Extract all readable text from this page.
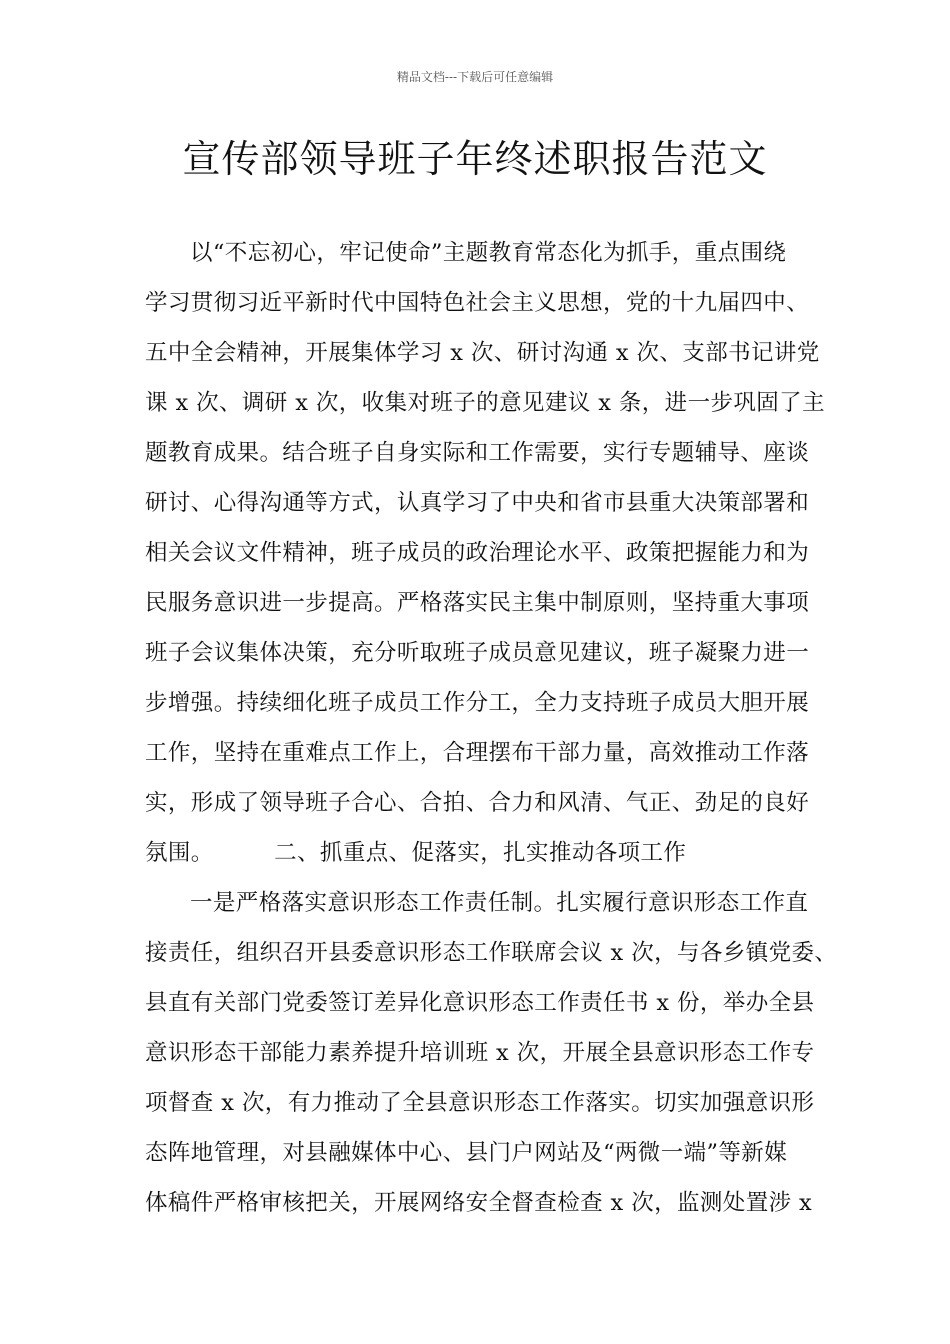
精品文档---下载后可任意编辑
宣传部领导班子年终述职报告范文
以“不忘初心，牢记使命”主题教育常态化为抓手，重点围绕
学习贯彻习近平新时代中国特色社会主义思想，党的十九届四中、
五中全会精神，开展集体学习 x 次、研讨沟通 x 次、支部书记讲党
课 x 次、调研 x 次，收集对班子的意见建议 x 条，进一步巩固了主
题教育成果。结合班子自身实际和工作需要，实行专题辅导、座谈
研讨、心得沟通等方式，认真学习了中央和省市县重大决策部署和
相关会议文件精神，班子成员的政治理论水平、政策把握能力和为
民服务意识进一步提高。严格落实民主集中制原则，坚持重大事项
班子会议集体决策，充分听取班子成员意见建议，班子凝聚力进一
步增强。持续细化班子成员工作分工，全力支持班子成员大胆开展
工作，坚持在重难点工作上，合理摆布干部力量，高效推动工作落
实，形成了领导班子合心、合拍、合力和风清、气正、劲足的良好
氛围。        二、抓重点、促落实，扎实推动各项工作
一是严格落实意识形态工作责任制。扎实履行意识形态工作直
接责任，组织召开县委意识形态工作联席会议 x 次，与各乡镇党委、
县直有关部门党委签订差异化意识形态工作责任书 x 份，举办全县
意识形态干部能力素养提升培训班 x 次，开展全县意识形态工作专
项督查 x 次，有力推动了全县意识形态工作落实。切实加强意识形
态阵地管理，对县融媒体中心、县门户网站及“两微一端”等新媒
体稿件严格审核把关，开展网络安全督查检查 x 次，监测处置涉 x
